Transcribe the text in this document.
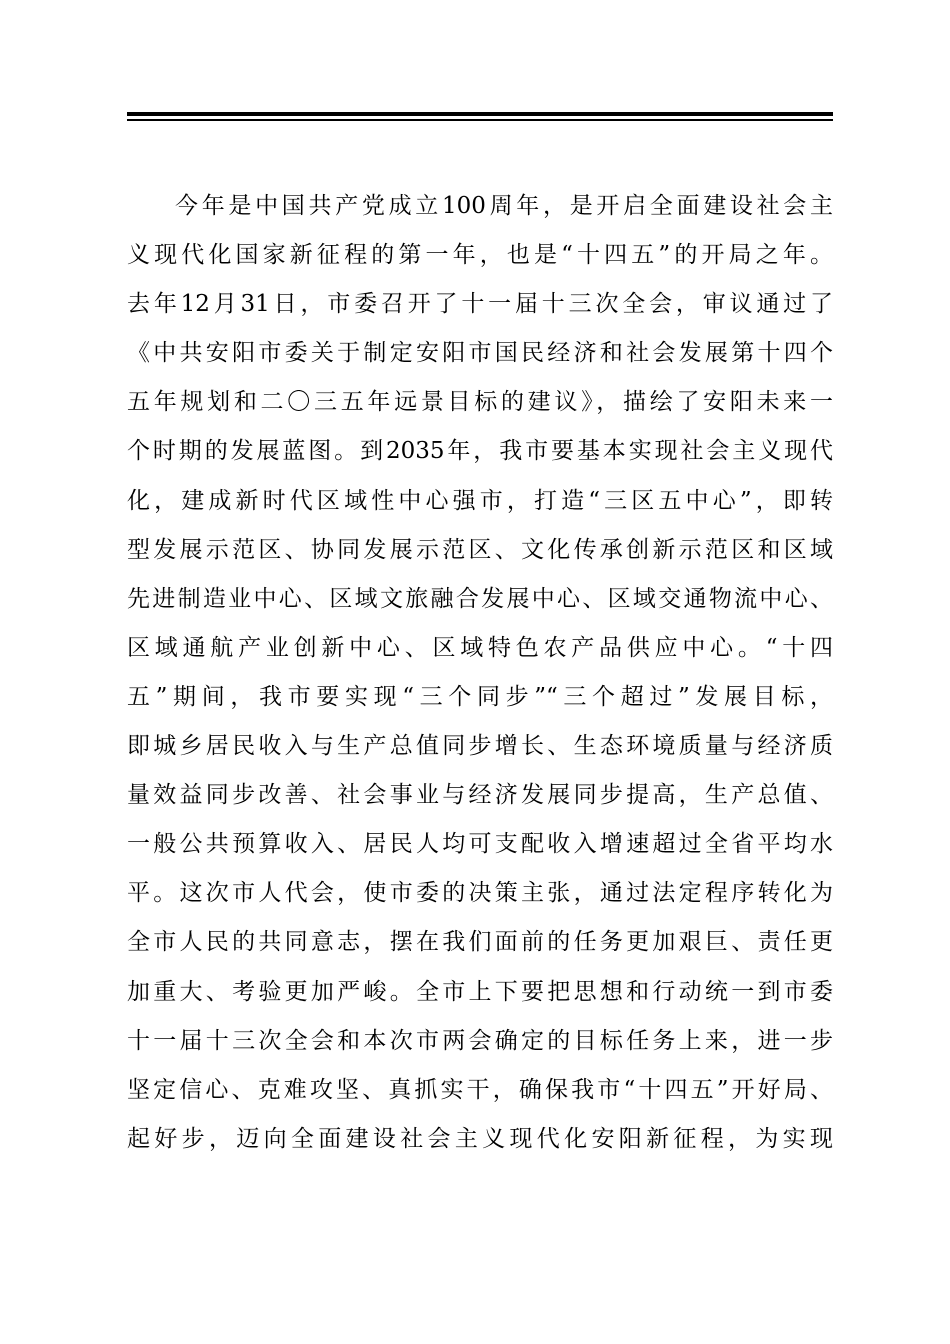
今年是中国共产党成立100周年，是开启全面建设社会主
义现代化国家新征程的第一年，也是“十四五”的开局之年。
去年12月31日，市委召开了十一届十三次全会，审议通过了
《中共安阳市委关于制定安阳市国民经济和社会发展第十四个
五年规划和二〇三五年远景目标的建议》，描绘了安阳未来一
个时期的发展蓝图。到2035年，我市要基本实现社会主义现代
化，建成新时代区域性中心强市，打造“三区五中心”，即转
型发展示范区、协同发展示范区、文化传承创新示范区和区域
先进制造业中心、区域文旅融合发展中心、区域交通物流中心、
区域通航产业创新中心、区域特色农产品供应中心。“十四
五”期间，我市要实现“三个同步”“三个超过”发展目标，
即城乡居民收入与生产总值同步增长、生态环境质量与经济质
量效益同步改善、社会事业与经济发展同步提高，生产总值、
一般公共预算收入、居民人均可支配收入增速超过全省平均水
平。这次市人代会，使市委的决策主张，通过法定程序转化为
全市人民的共同意志，摆在我们面前的任务更加艰巨、责任更
加重大、考验更加严峻。全市上下要把思想和行动统一到市委
十一届十三次全会和本次市两会确定的目标任务上来，进一步
坚定信心、克难攻坚、真抓实干，确保我市“十四五”开好局、
起好步，迈向全面建设社会主义现代化安阳新征程，为实现
